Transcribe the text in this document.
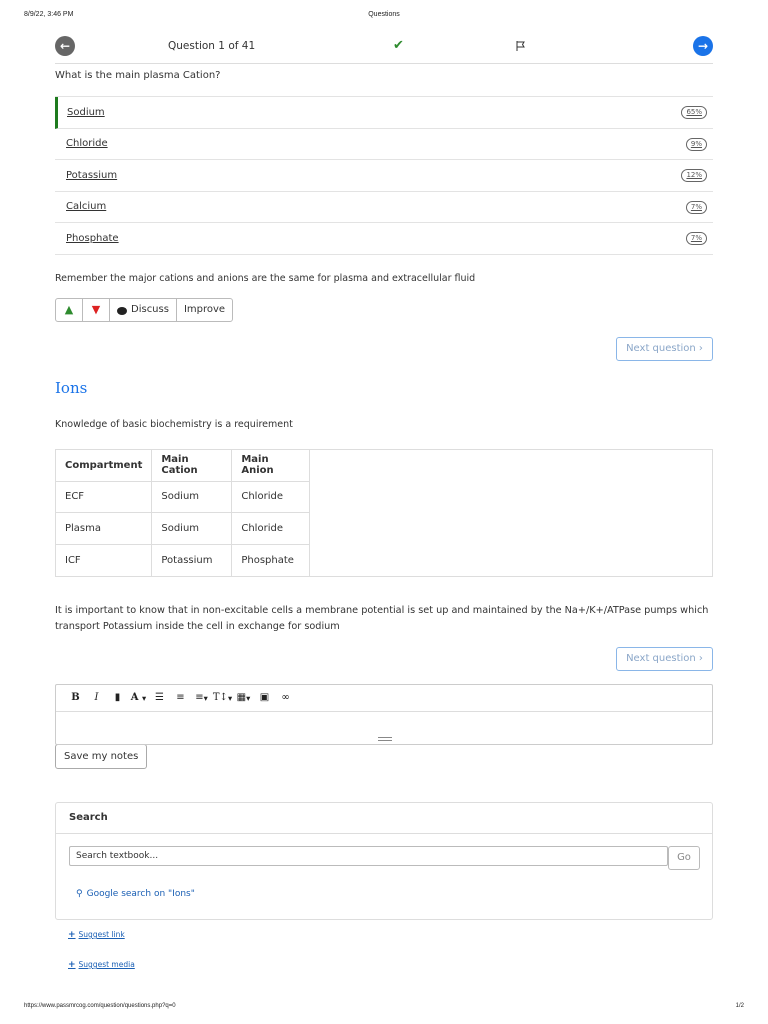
8/9/22, 3:46 PM	Questions
←	Question 1 of 41	✔	→
What is the main plasma Cation?
Sodium	65%
Chloride	9%
Potassium	12%
Calcium	7%
Phosphate	7%
Remember the major cations and anions are the same for plasma and extracellular fluid
▲	▼	Discuss	Improve
Next question ›
Ions
Knowledge of basic biochemistry is a requirement
Compartment	Main Cation	Main Anion
ECF	Sodium	Chloride
Plasma	Sodium	Chloride
ICF	Potassium	Phosphate
It is important to know that in non-excitable cells a membrane potential is set up and maintained by the Na+/K+/ATPase pumps which transport Potassium inside the cell in exchange for sodium
Next question ›
B	I	▮	A ▾ ☰	≡	≡ ▾ T↕ ▾ ▦ ▾ ▣	∞
Save my notes
Search
Search textbook...	Go
⚲ Google search on "Ions"
+ Suggest link
+ Suggest media
https://www.passmrcog.com/question/questions.php?q=0	1/2
